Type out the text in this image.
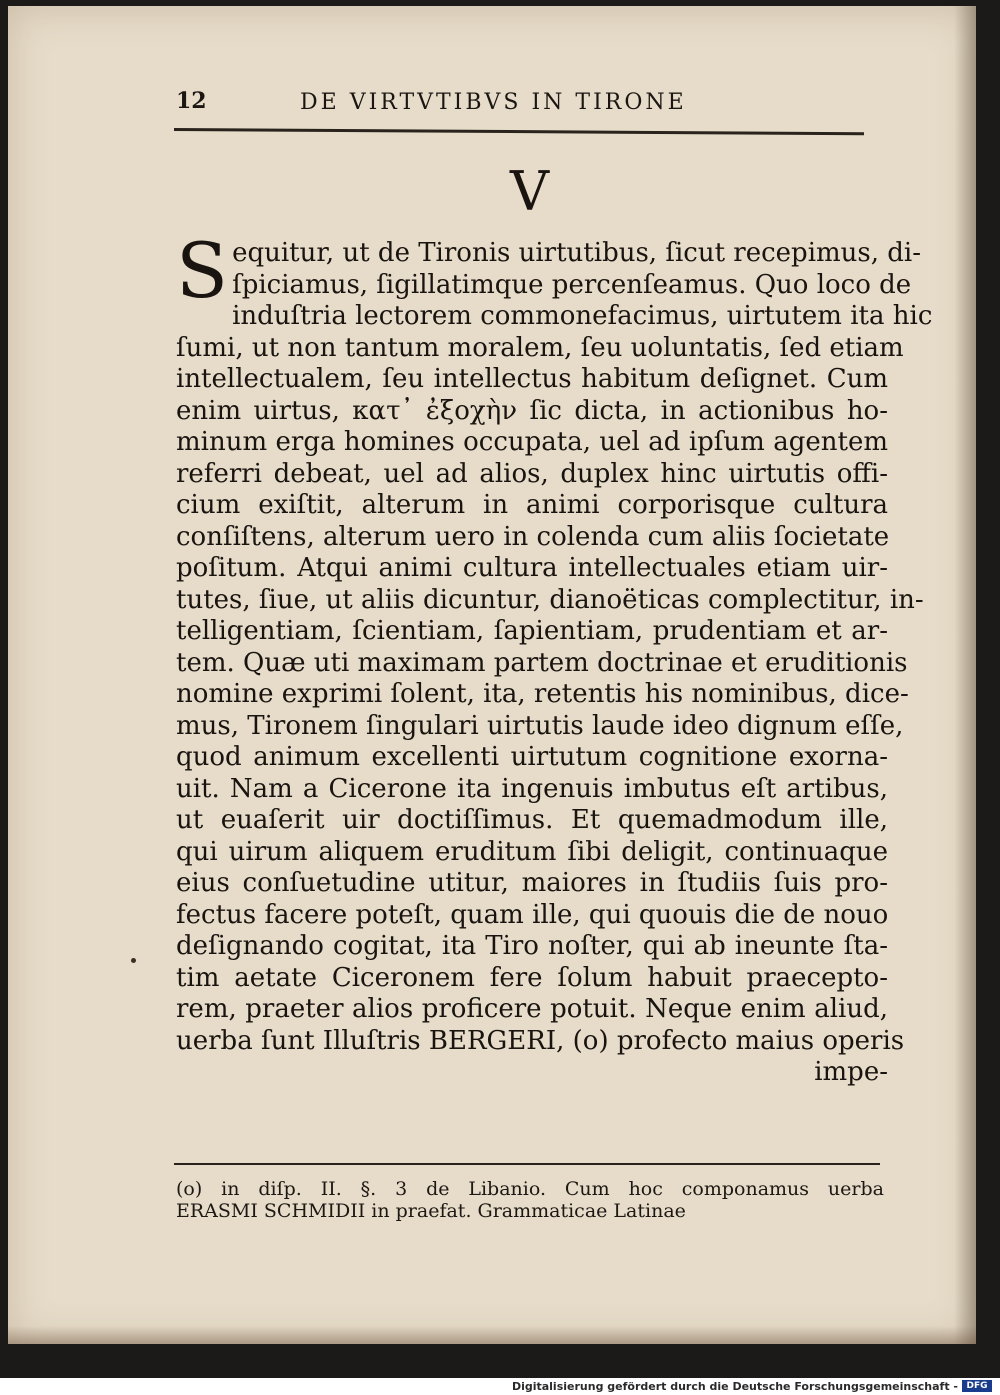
12	DE VIRTVTIBVS IN TIRONE
V
S equitur, ut de Tironis uirtutibus, ſicut recepimus, di-
ſpiciamus, ſigillatimque percenſeamus. Quo loco de
induſtria lectorem commonefacimus, uirtutem ita hic
ſumi, ut non tantum moralem, ſeu uoluntatis, ſed etiam
intellectualem, ſeu intellectus habitum deſignet. Cum
enim uirtus, κατ᾽ ἐξοχὴν ſic dicta, in actionibus ho-
minum erga homines occupata, uel ad ipſum agentem
referri debeat, uel ad alios, duplex hinc uirtutis offi-
cium exiſtit, alterum in animi corporisque cultura
conſiſtens, alterum uero in colenda cum aliis ſocietate
poſitum. Atqui animi cultura intellectuales etiam uir-
tutes, ſiue, ut aliis dicuntur, dianoëticas complectitur, in-
telligentiam, ſcientiam, ſapientiam, prudentiam et ar-
tem. Quæ uti maximam partem doctrinae et eruditionis
nomine exprimi ſolent, ita, retentis his nominibus, dice-
mus, Tironem ſingulari uirtutis laude ideo dignum eſſe,
quod animum excellenti uirtutum cognitione exorna-
uit. Nam a Cicerone ita ingenuis imbutus eſt artibus,
ut euaſerit uir doctiſſimus. Et quemadmodum ille,
qui uirum aliquem eruditum ſibi deligit, continuaque
eius conſuetudine utitur, maiores in ſtudiis ſuis pro-
fectus facere poteſt, quam ille, qui quouis die de nouo
deſignando cogitat, ita Tiro noſter, qui ab ineunte ſta-
tim aetate Ciceronem fere ſolum habuit praecepto-
rem, praeter alios proficere potuit. Neque enim aliud,
uerba ſunt Illuſtris BERGERI, (o) profecto maius operis
impe-
(o) in diſp. II. §. 3 de Libanio. Cum hoc componamus uerba
ERASMI SCHMIDII in praefat. Grammaticae Latinae
Digitalisierung gefördert durch die Deutsche Forschungsgemeinschaft - DFG
